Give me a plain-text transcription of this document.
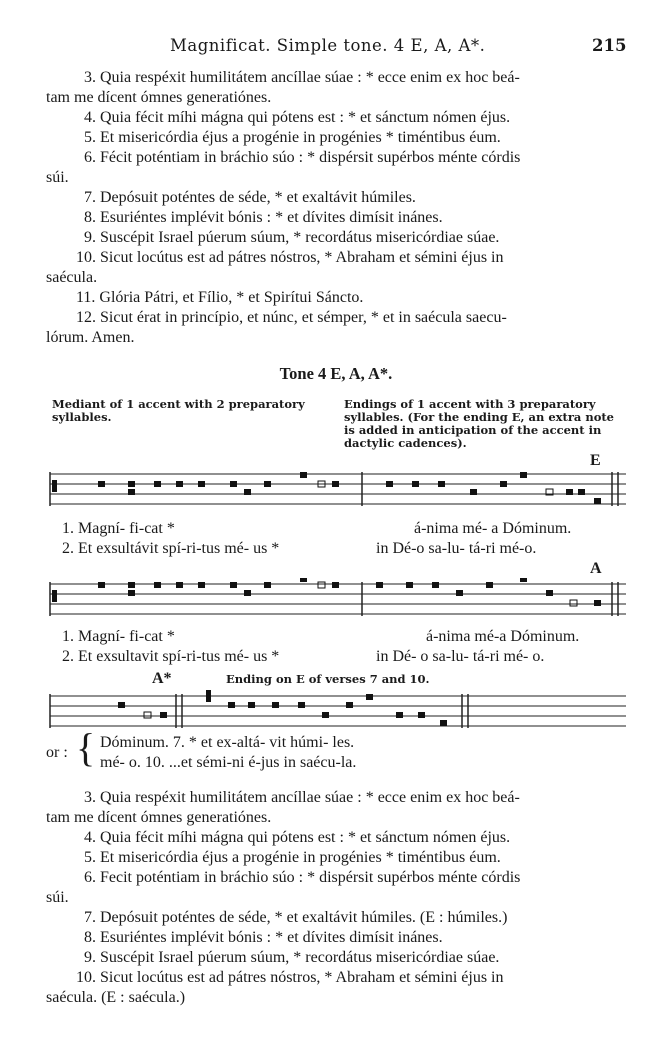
Magnificat. Simple tone. 4 E, A, A*.	215
3. Quia respéxit humilitátem ancíllae súae : * ecce enim ex hoc beá-
tam me dícent ómnes generatiónes.
4. Quia fécit míhi mágna qui pótens est : * et sánctum nómen éjus.
5. Et misericórdia éjus a progénie in progénies * timéntibus éum.
6. Fécit poténtiam in bráchio súo : * dispérsit supérbos ménte córdis
súi.
7. Depósuit poténtes de séde, * et exaltávit húmiles.
8. Esuriéntes implévit bónis : * et dívites dimísit inánes.
9. Suscépit Israel púerum súum, * recordátus misericórdiae súae.
10. Sicut locútus est ad pátres nóstros, * Abraham et sémini éjus in
saécula.
11. Glória Pátri, et Fílio, * et Spirítui Sáncto.
12. Sicut érat in princípio, et núnc, et sémper, * et in saécula saecu-
lórum. Amen.
Tone 4 E, A, A*.
Mediant of 1 accent with 2 preparatory
syllables.
Endings of 1 accent with 3 preparatory
syllables. (For the ending E, an extra note
is added in anticipation of the accent in
dactylic cadences).
E
1. Magní- fi-cat *	á-nima mé- a Dóminum.
2. Et exsultávit spí-ri-tus mé- us *	in Dé-o sa-lu- tá-ri mé-o.
A
1. Magní- fi-cat *	á-nima mé-a Dóminum.
2. Et exsultavit spí-ri-tus mé- us *	in Dé- o sa-lu- tá-ri mé- o.
A*	Ending on E of verses 7 and 10.
or : { Dóminum. 7. * et ex-altá- vit húmi- les.
mé- o. 10. ...et sémi-ni é-jus in saécu-la.
3. Quia respéxit humilitátem ancíllae súae : * ecce enim ex hoc beá-
tam me dícent ómnes generatiónes.
4. Quia fécit míhi mágna qui pótens est : * et sánctum nómen éjus.
5. Et misericórdia éjus a progénie in progénies * timéntibus éum.
6. Fecit poténtiam in bráchio súo : * dispérsit supérbos ménte córdis
súi.
7. Depósuit poténtes de séde, * et exaltávit húmiles. (E : húmiles.)
8. Esuriéntes implévit bónis : * et dívites dimísit inánes.
9. Suscépit Israel púerum súum, * recordátus misericórdiae súae.
10. Sicut locútus est ad pátres nóstros, * Abraham et sémini éjus in
saécula. (E : saécula.)
